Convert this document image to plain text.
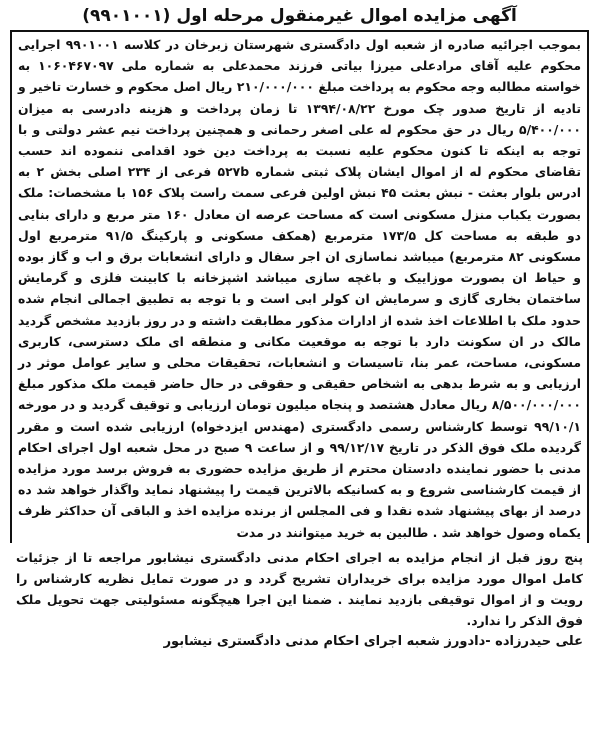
آگهی مزایده اموال غیرمنقول مرحله اول (۹۹۰۱۰۰۱)

بموجب اجرائیه صادره از شعبه اول دادگستری شهرستان زبرخان در کلاسه ۹۹۰۱۰۰۱ اجرایی محکوم علیه آقای مرادعلی میرزا بیاتی فرزند محمدعلی به شماره ملی ۱۰۶۰۴۶۷۰۹۷ به خواسته مطالبه وجه محکوم به پرداخت مبلغ ۲۱۰/۰۰۰/۰۰۰ ریال اصل محکوم و خسارت تاخیر و تادیه از تاریخ صدور چک مورخ ۱۳۹۴/۰۸/۲۲ تا زمان پرداخت و هزینه دادرسی به میزان ۵/۴۰۰/۰۰۰ ریال در حق محکوم له علی اصغر رحمانی و همچنین پرداخت نیم عشر دولتی و با توجه به اینکه تا کنون محکوم علیه نسبت به پرداخت دین خود اقدامی ننموده اند حسب تقاضای محکوم له از اموال ایشان پلاک ثبتی شماره ۵۲۷b فرعی از ۲۳۴ اصلی بخش ۲ به ادرس بلوار بعثت - نبش بعثت ۴۵ نبش اولین فرعی سمت راست پلاک ۱۵۶ با مشخصات: ملک بصورت یکباب منزل مسکونی است که مساحت عرصه ان معادل ۱۶۰ متر مربع و دارای بنایی دو طبقه به مساحت کل ۱۷۳/۵ مترمربع (همکف مسکونی و پارکینگ ۹۱/۵ مترمربع اول مسکونی ۸۲ مترمربع) میباشد نماسازی ان اجر سفال و دارای انشعابات برق و اب و گاز بوده و حیاط ان بصورت موزاییک و باغچه سازی میباشد اشپزخانه با کابینت فلزی و گرمایش ساختمان بخاری گازی و سرمایش ان کولر ابی است و با توجه به تطبیق اجمالی انجام شده حدود ملک با اطلاعات اخذ شده از ادارات مذکور مطابقت داشته و در روز بازدید مشخص گردید مالک در ان سکونت دارد با توجه به موقعیت مکانی و منطقه ای ملک دسترسی، کاربری مسکونی، مساحت، عمر بنا، تاسیسات و انشعابات، تحقیقات محلی و سایر عوامل موثر در ارزیابی و به شرط بدهی به اشخاص حقیقی و حقوقی در حال حاضر قیمت ملک مذکور مبلغ ۸/۵۰۰/۰۰۰/۰۰۰ ریال معادل هشتصد و پنجاه میلیون تومان ارزیابی و توقیف گردید و در مورخه ۹۹/۱۰/۱ توسط کارشناس رسمی دادگستری (مهندس ایزدخواه) ارزیابی شده است و مقرر گردیده ملک فوق الذکر در تاریخ ۹۹/۱۲/۱۷ و از ساعت ۹ صبح در محل شعبه اول اجرای احکام مدنی با حضور نماینده دادستان محترم از طریق مزایده حضوری به فروش برسد مورد مزایده از قیمت کارشناسی شروع و به کسانیکه بالاترین قیمت را پیشنهاد نماید واگذار خواهد شد ده درصد از بهای پیشنهاد شده نقدا و فی المجلس از برنده مزایده اخذ و الباقی آن حداکثر ظرف یکماه وصول خواهد شد . طالبین به خرید میتوانند در مدت

پنج روز قبل از انجام مزایده به اجرای احکام مدنی دادگستری نیشابور مراجعه تا از جزئیات کامل اموال مورد مزایده برای خریداران تشریح گردد و در صورت تمایل نظریه کارشناس را رویت و از اموال توقیفی بازدید نمایند . ضمنا این اجرا هیچگونه مسئولیتی جهت تحویل ملک فوق الذکر را ندارد.

علی حیدرزاده -دادورز شعبه اجرای احکام مدنی دادگستری نیشابور
